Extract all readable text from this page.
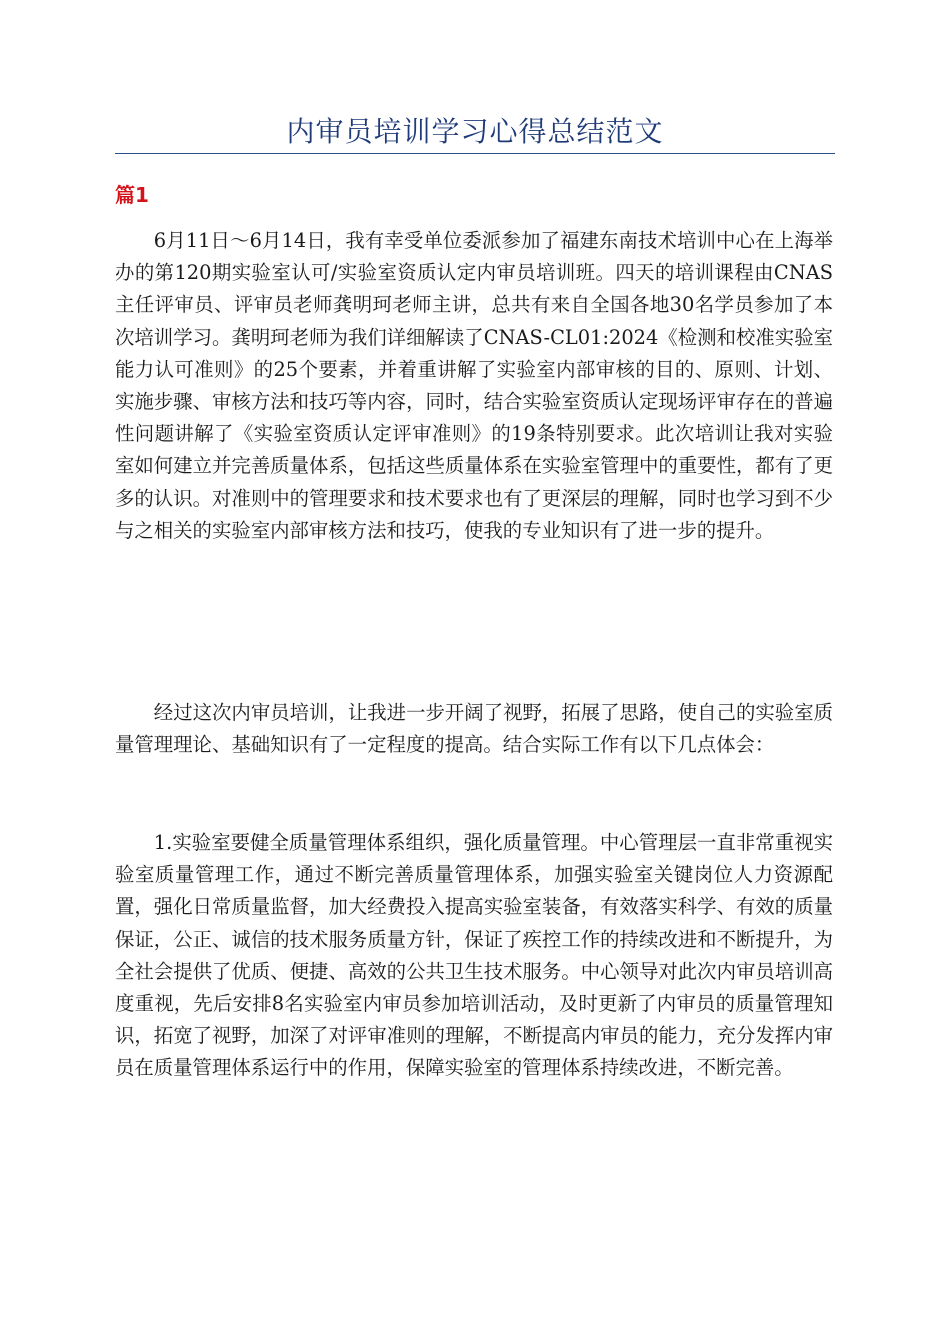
内审员培训学习心得总结范文
篇1

6月11日～6月14日，我有幸受单位委派参加了福建东南技术培训中心在上海举办的第120期实验室认可/实验室资质认定内审员培训班。四天的培训课程由CNAS主任评审员、评审员老师龚明珂老师主讲，总共有来自全国各地30名学员参加了本次培训学习。龚明珂老师为我们详细解读了CNAS-CL01:2024《检测和校准实验室能力认可准则》的25个要素，并着重讲解了实验室内部审核的目的、原则、计划、实施步骤、审核方法和技巧等内容，同时，结合实验室资质认定现场评审存在的普遍性问题讲解了《实验室资质认定评审准则》的19条特别要求。此次培训让我对实验室如何建立并完善质量体系，包括这些质量体系在实验室管理中的重要性，都有了更多的认识。对准则中的管理要求和技术要求也有了更深层的理解，同时也学习到不少与之相关的实验室内部审核方法和技巧，使我的专业知识有了进一步的提升。

经过这次内审员培训，让我进一步开阔了视野，拓展了思路，使自己的实验室质量管理理论、基础知识有了一定程度的提高。结合实际工作有以下几点体会：

1.实验室要健全质量管理体系组织，强化质量管理。中心管理层一直非常重视实验室质量管理工作，通过不断完善质量管理体系，加强实验室关键岗位人力资源配置，强化日常质量监督，加大经费投入提高实验室装备，有效落实科学、有效的质量保证，公正、诚信的技术服务质量方针，保证了疾控工作的持续改进和不断提升，为全社会提供了优质、便捷、高效的公共卫生技术服务。中心领导对此次内审员培训高度重视，先后安排8名实验室内审员参加培训活动，及时更新了内审员的质量管理知识，拓宽了视野，加深了对评审准则的理解，不断提高内审员的能力，充分发挥内审员在质量管理体系运行中的作用，保障实验室的管理体系持续改进，不断完善。
